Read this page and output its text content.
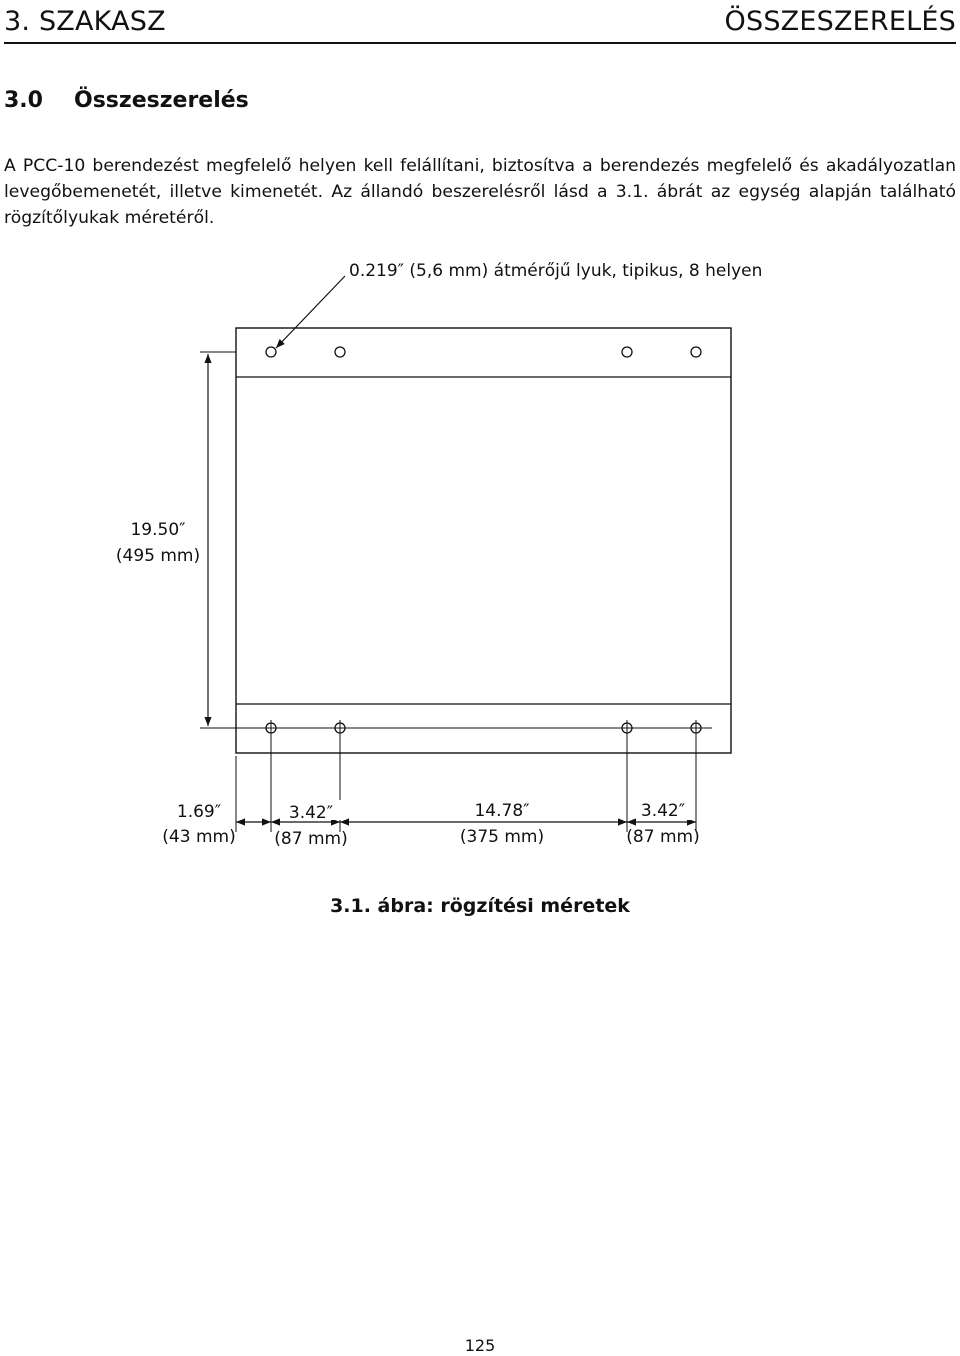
3. SZAKASZ	ÖSSZESZERELÉS
3.0 Összeszerelés
A PCC-10 berendezést megfelelő helyen kell felállítani, biztosítva a berendezés megfelelő és akadályozatlan levegőbemenetét, illetve kimenetét. Az állandó beszerelésről lásd a 3.1. ábrát az egység alapján található rögzítőlyukak méretéről.
0.219″ (5,6 mm) átmérőjű lyuk, tipikus, 8 helyen
19.50″
(495 mm)
1.69″
(43 mm)
3.42″
(87 mm)
14.78″
(375 mm)
3.42″
(87 mm)
3.1. ábra: rögzítési méretek
125
